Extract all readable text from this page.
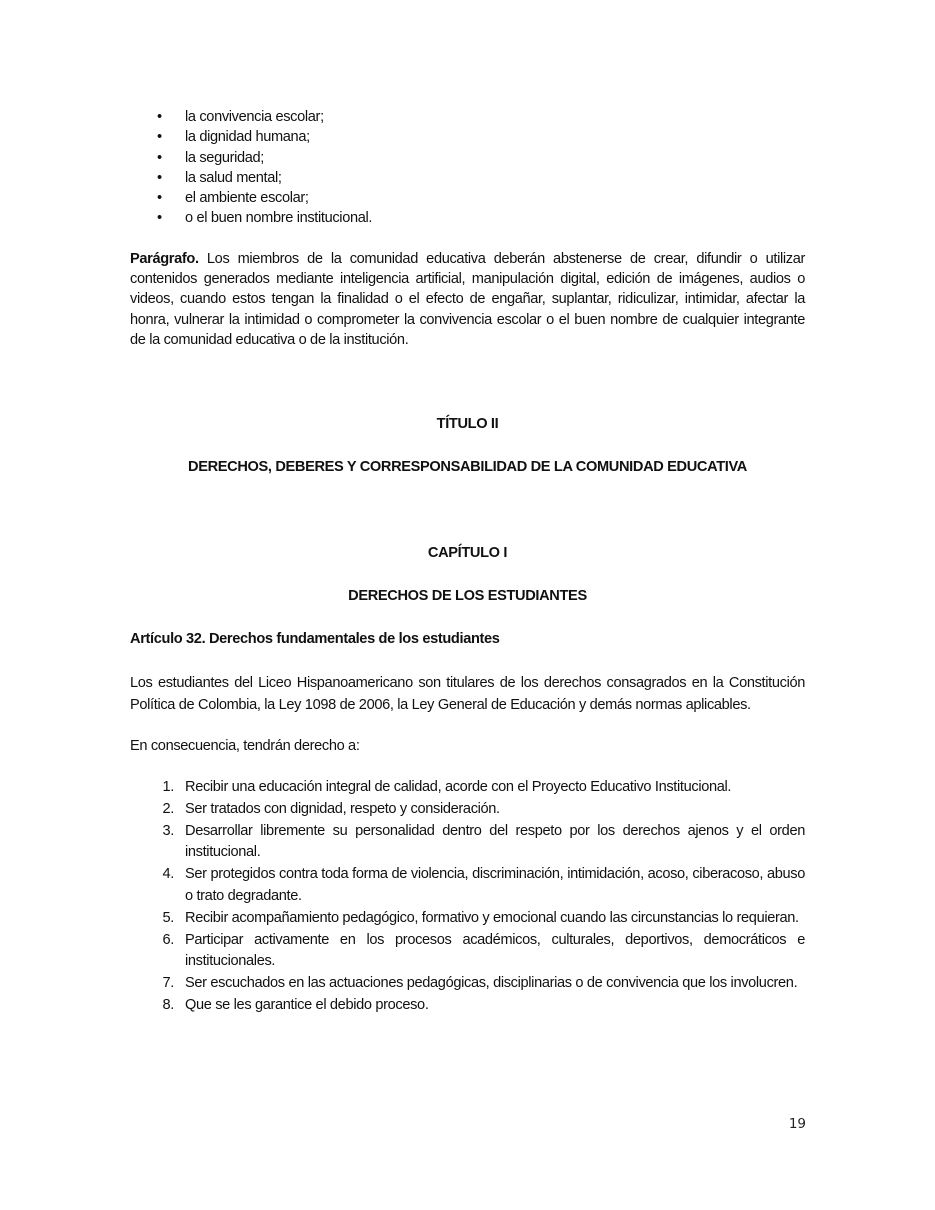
• la convivencia escolar;
• la dignidad humana;
• la seguridad;
• la salud mental;
• el ambiente escolar;
• o el buen nombre institucional.

Parágrafo. Los miembros de la comunidad educativa deberán abstenerse de crear, difundir o utilizar contenidos generados mediante inteligencia artificial, manipulación digital, edición de imágenes, audios o videos, cuando estos tengan la finalidad o el efecto de engañar, suplantar, ridiculizar, intimidar, afectar la honra, vulnerar la intimidad o comprometer la convivencia escolar o el buen nombre de cualquier integrante de la comunidad educativa o de la institución.

TÍTULO II

DERECHOS, DEBERES Y CORRESPONSABILIDAD DE LA COMUNIDAD EDUCATIVA

CAPÍTULO I

DERECHOS DE LOS ESTUDIANTES

Artículo 32. Derechos fundamentales de los estudiantes

Los estudiantes del Liceo Hispanoamericano son titulares de los derechos consagrados en la Constitución Política de Colombia, la Ley 1098 de 2006, la Ley General de Educación y demás normas aplicables.

En consecuencia, tendrán derecho a:

1. Recibir una educación integral de calidad, acorde con el Proyecto Educativo Institucional.
2. Ser tratados con dignidad, respeto y consideración.
3. Desarrollar libremente su personalidad dentro del respeto por los derechos ajenos y el orden institucional.
4. Ser protegidos contra toda forma de violencia, discriminación, intimidación, acoso, ciberacoso, abuso o trato degradante.
5. Recibir acompañamiento pedagógico, formativo y emocional cuando las circunstancias lo requieran.
6. Participar activamente en los procesos académicos, culturales, deportivos, democráticos e institucionales.
7. Ser escuchados en las actuaciones pedagógicas, disciplinarias o de convivencia que los involucren.
8. Que se les garantice el debido proceso.
19
